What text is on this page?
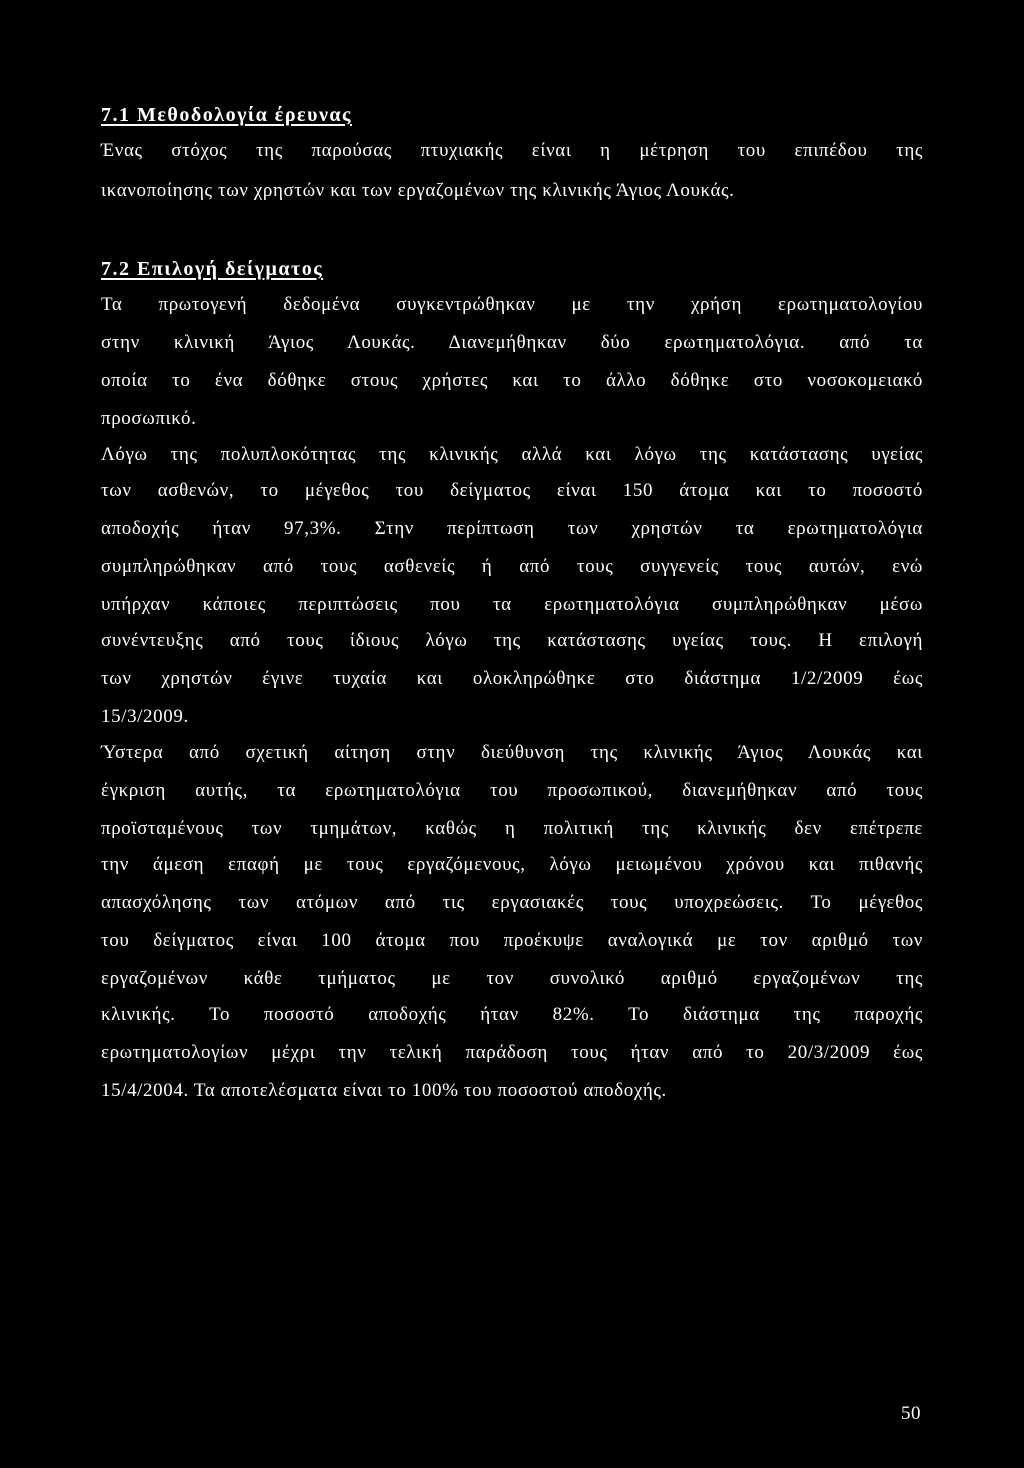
7.1 Μεθοδολογία έρευνας
Ένας στόχος της παρούσας πτυχιακής είναι η μέτρηση του επιπέδου της
ικανοποίησης των χρηστών και των εργαζομένων της κλινικής Άγιος Λουκάς.
7.2 Επιλογή δείγματος
Τα πρωτογενή δεδομένα συγκεντρώθηκαν με την χρήση ερωτηματολογίου
στην κλινική Άγιος Λουκάς. Διανεμήθηκαν δύο ερωτηματολόγια. από τα
οποία το ένα δόθηκε στους χρήστες και το άλλο δόθηκε στο νοσοκομειακό
προσωπικό.
Λόγω της πολυπλοκότητας της κλινικής αλλά και λόγω της κατάστασης υγείας
των ασθενών, το μέγεθος του δείγματος είναι 150 άτομα και το ποσοστό
αποδοχής ήταν 97,3%. Στην περίπτωση των χρηστών τα ερωτηματολόγια
συμπληρώθηκαν από τους ασθενείς ή από τους συγγενείς τους αυτών, ενώ
υπήρχαν κάποιες περιπτώσεις που τα ερωτηματολόγια συμπληρώθηκαν μέσω
συνέντευξης από τους ίδιους λόγω της κατάστασης υγείας τους. Η επιλογή
των χρηστών έγινε τυχαία και ολοκληρώθηκε στο διάστημα 1/2/2009 έως
15/3/2009.
Ύστερα από σχετική αίτηση στην διεύθυνση της κλινικής Άγιος Λουκάς και
έγκριση αυτής, τα ερωτηματολόγια του προσωπικού, διανεμήθηκαν από τους
προϊσταμένους των τμημάτων, καθώς η πολιτική της κλινικής δεν επέτρεπε
την άμεση επαφή με τους εργαζόμενους, λόγω μειωμένου χρόνου και πιθανής
απασχόλησης των ατόμων από τις εργασιακές τους υποχρεώσεις. Το μέγεθος
του δείγματος είναι 100 άτομα που προέκυψε αναλογικά με τον αριθμό των
εργαζομένων κάθε τμήματος με τον συνολικό αριθμό εργαζομένων της
κλινικής. Το ποσοστό αποδοχής ήταν 82%. Το διάστημα της παροχής
ερωτηματολογίων μέχρι την τελική παράδοση τους ήταν από το 20/3/2009 έως
15/4/2004. Τα αποτελέσματα είναι το 100% του ποσοστού αποδοχής.
50
